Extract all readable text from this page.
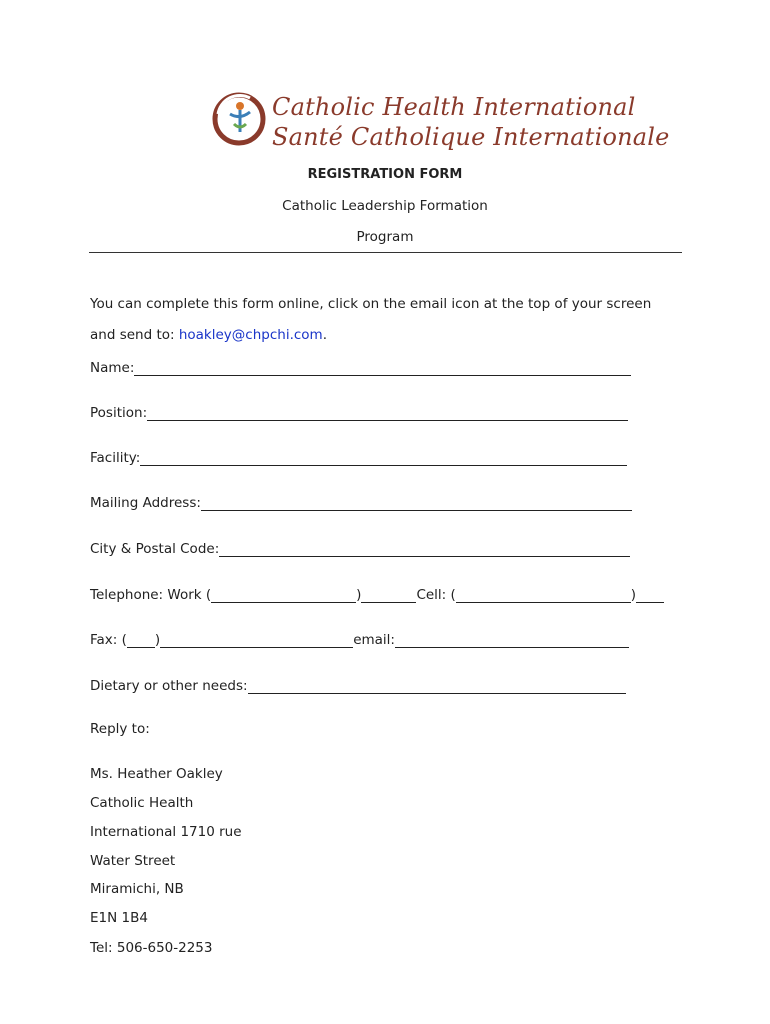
Catholic Health International
Santé Catholique Internationale
REGISTRATION FORM
Catholic Leadership Formation
Program
You can complete this form online, click on the email icon at the top of your screen
and send to: hoakley@chpchi.com.
Name:
Position:
Facility:
Mailing Address:
City & Postal Code:
Telephone: Work (	)	Cell: (	)
Fax: ( )	email:
Dietary or other needs:
Reply to:
Ms. Heather Oakley
Catholic Health
International 1710 rue
Water Street
Miramichi, NB
E1N 1B4
Tel: 506-650-2253
